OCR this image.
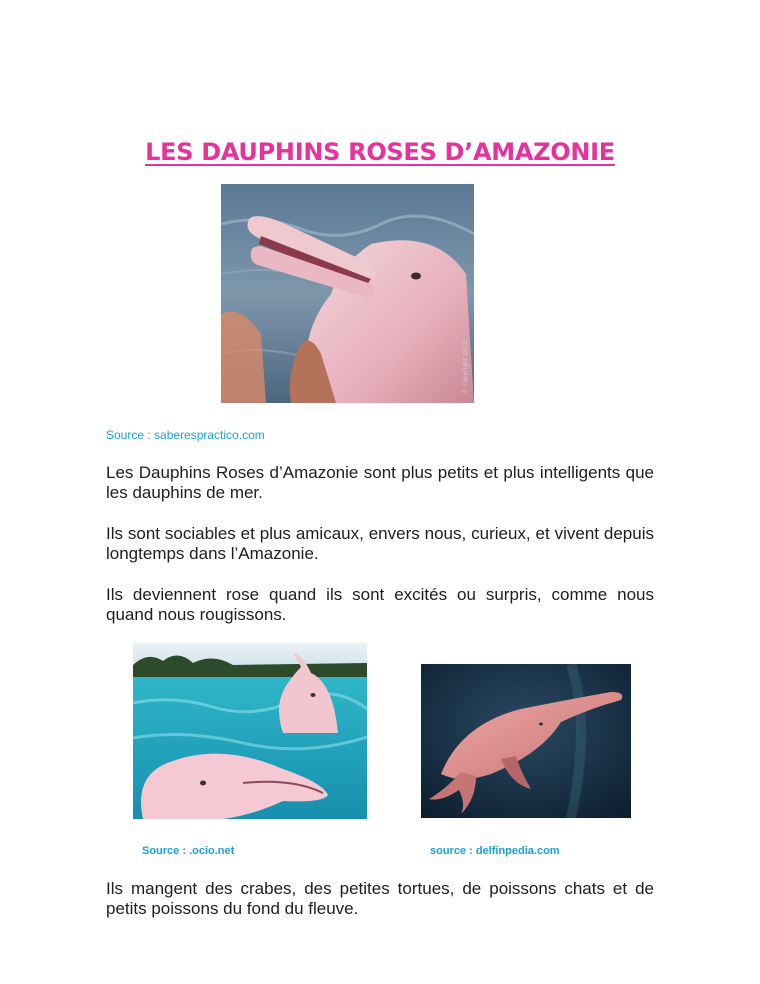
LES DAUPHINS ROSES D’AMAZONIE
© copyright 2012
Source : saberespractico.com
Les Dauphins Roses d’Amazonie sont plus petits et plus intelligents que les dauphins de mer.
Ils sont sociables et plus amicaux, envers nous, curieux, et vivent depuis longtemps dans l’Amazonie.
Ils deviennent rose quand ils sont excités ou surpris, comme nous quand nous rougissons.
Source : .ocio.net	source : delfinpedia.com
Ils mangent des crabes, des petites tortues, de poissons chats et de petits poissons du fond du fleuve.
